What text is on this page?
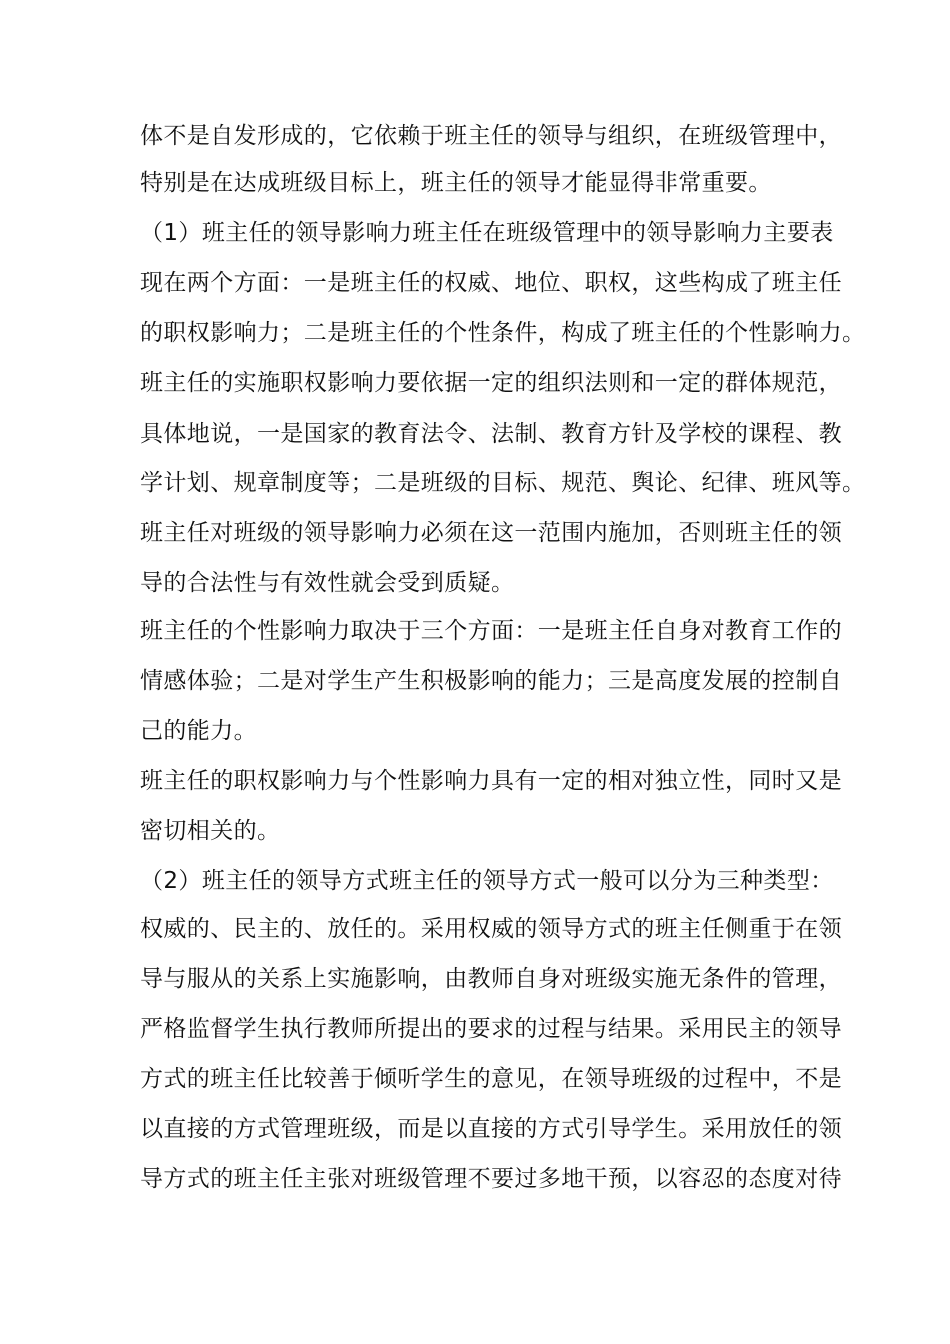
体不是自发形成的，它依赖于班主任的领导与组织，在班级管理中，
特别是在达成班级目标上，班主任的领导才能显得非常重要。
（1）班主任的领导影响力班主任在班级管理中的领导影响力主要表
现在两个方面：一是班主任的权威、地位、职权，这些构成了班主任
的职权影响力；二是班主任的个性条件，构成了班主任的个性影响力。
班主任的实施职权影响力要依据一定的组织法则和一定的群体规范，
具体地说，一是国家的教育法令、法制、教育方针及学校的课程、教
学计划、规章制度等；二是班级的目标、规范、舆论、纪律、班风等。
班主任对班级的领导影响力必须在这一范围内施加，否则班主任的领
导的合法性与有效性就会受到质疑。
班主任的个性影响力取决于三个方面：一是班主任自身对教育工作的
情感体验；二是对学生产生积极影响的能力；三是高度发展的控制自
己的能力。
班主任的职权影响力与个性影响力具有一定的相对独立性，同时又是
密切相关的。
（2）班主任的领导方式班主任的领导方式一般可以分为三种类型：
权威的、民主的、放任的。采用权威的领导方式的班主任侧重于在领
导与服从的关系上实施影响，由教师自身对班级实施无条件的管理，
严格监督学生执行教师所提出的要求的过程与结果。采用民主的领导
方式的班主任比较善于倾听学生的意见，在领导班级的过程中，不是
以直接的方式管理班级，而是以直接的方式引导学生。采用放任的领
导方式的班主任主张对班级管理不要过多地干预，以容忍的态度对待
